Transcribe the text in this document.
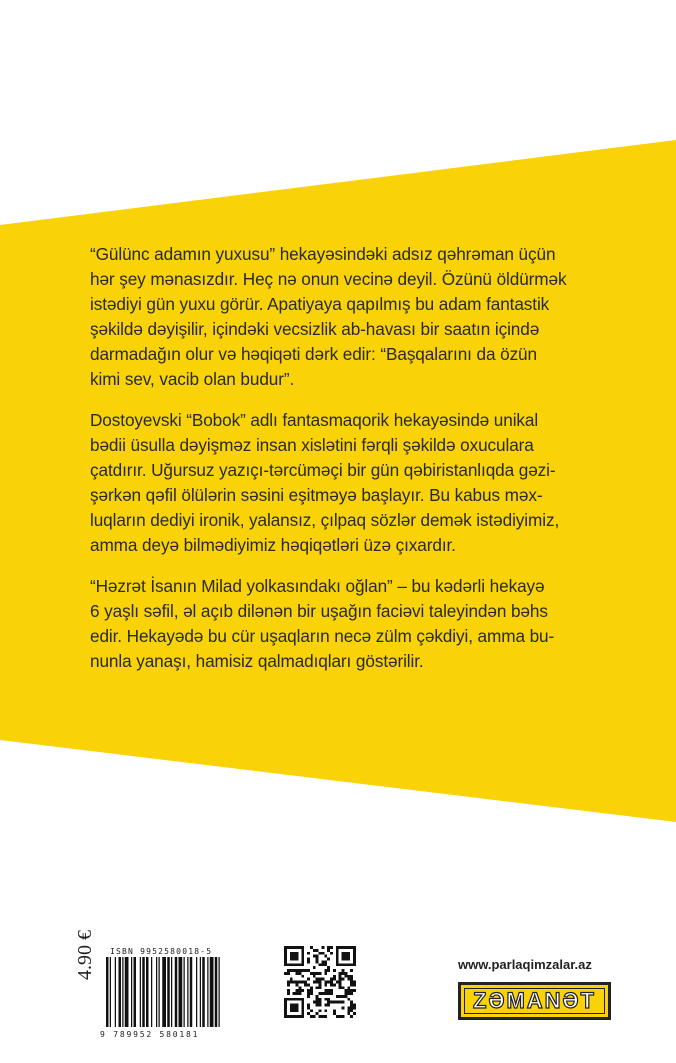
“Gülünc adamın yuxusu” hekayəsindəki adsız qəhrəman üçün
hər şey mənasızdır. Heç nə onun vecinə deyil. Özünü öldürmək
istədiyi gün yuxu görür. Apatiyaya qapılmış bu adam fantastik
şəkildə dəyişilir, içindəki vecsizlik ab-havası bir saatın içində
darmadağın olur və həqiqəti dərk edir: “Başqalarını da özün
kimi sev, vacib olan budur”.

Dostoyevski “Bobok” adlı fantasmaqorik hekayəsində unikal
bədii üsulla dəyişməz insan xislətini fərqli şəkildə oxuculara
çatdırır. Uğursuz yazıçı-tərcüməçi bir gün qəbiristanlıqda gəzi-
şərkən qəfil ölülərin səsini eşitməyə başlayır. Bu kabus məx-
luqların dediyi ironik, yalansız, çılpaq sözlər demək istədiyimiz,
amma deyə bilmədiyimiz həqiqətləri üzə çıxardır.

“Həzrət İsanın Milad yolkasındakı oğlan” – bu kədərli hekayə
6 yaşlı səfil, əl açıb dilənən bir uşağın faciəvi taleyindən bəhs
edir. Hekayədə bu cür uşaqların necə zülm çəkdiyi, amma bu-
nunla yanaşı, hamisiz qalmadıqları göstərilir.

4.90 € ISBN 9952580018-5
9 789952 580181
www.parlaqimzalar.az
ZƏMANƏT
